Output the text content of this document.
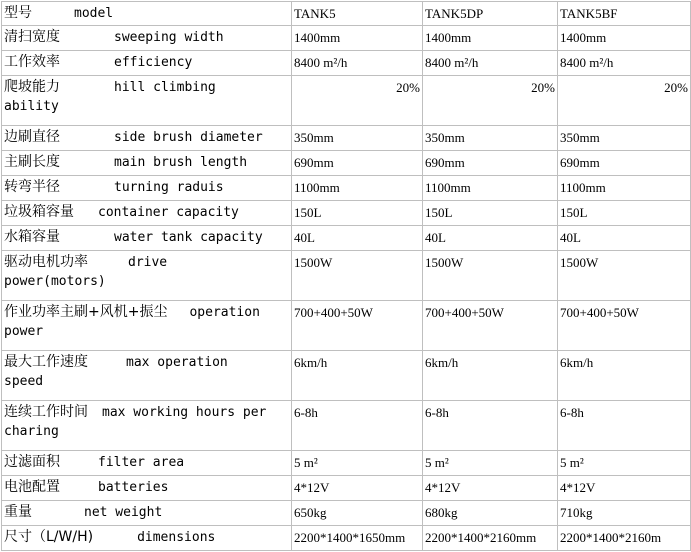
型号 model	TANK5	TANK5DP	TANK5BF
清扫宽度 sweeping width	1400mm	1400mm	1400mm
工作效率 efficiency	8400 m²/h	8400 m²/h	8400 m²/h
爬坡能力 hill climbing
ability	20%	20%	20%
边刷直径 side brush diameter	350mm	350mm	350mm
主刷长度 main brush length	690mm	690mm	690mm
转弯半径 turning raduis	1100mm	1100mm	1100mm
垃圾箱容量 container capacity	150L	150L	150L
水箱容量 water tank capacity	40L	40L	40L
驱动电机功率 drive
power(motors)	1500W	1500W	1500W
作业功率主刷+风机+振尘 operation
power	700+400+50W	700+400+50W	700+400+50W
最大工作速度 max operation
speed	6km/h	6km/h	6km/h
连续工作时间 max working hours per
charing	6-8h	6-8h	6-8h
过滤面积 filter area	5 m²	5 m²	5 m²
电池配置 batteries	4*12V	4*12V	4*12V
重量 net weight	650kg	680kg	710kg
尺寸（L/W/H) dimensions	2200*1400*1650mm	2200*1400*2160mm	2200*1400*2160m
